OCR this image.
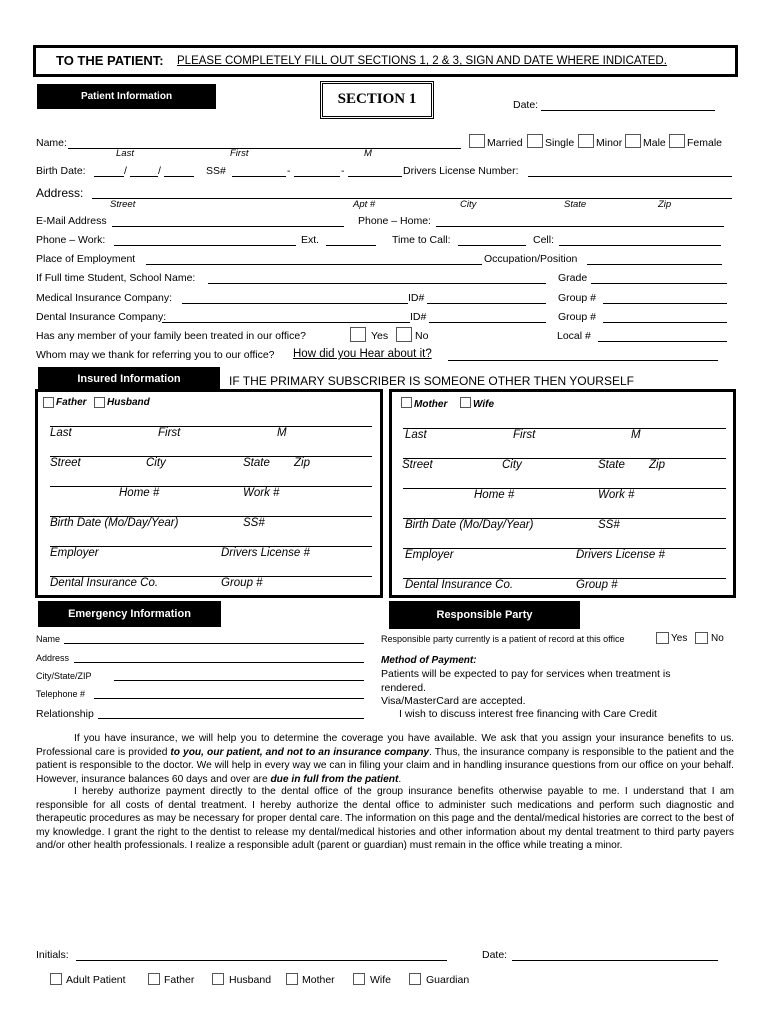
TO THE PATIENT: PLEASE COMPLETELY FILL OUT SECTIONS 1, 2 & 3, SIGN AND DATE WHERE INDICATED.
Patient Information	SECTION 1	Date:
Name:
Last	First	M
Married Single Minor Male Female
Birth Date:	/	/	SS#	-	-	Drivers License Number:
Address:
Street	Apt #	City	State	Zip
E-Mail Address	Phone – Home:
Phone – Work:	Ext.	Time to Call:	Cell:
Place of Employment	Occupation/Position
If Full time Student, School Name:	Grade
Medical Insurance Company:	ID#	Group #
Dental Insurance Company:	ID#	Group #
Has any member of your family been treated in our office?	Yes	No	Local #
Whom may we thank for referring you to our office? How did you Hear about it?
Insured Information	IF THE PRIMARY SUBSCRIBER IS SOMEONE OTHER THEN YOURSELF
Father Husband
Last	First	M
Street	City	State Zip
Home #	Work #
Birth Date (Mo/Day/Year)	SS#
Employer	Drivers License #
Dental Insurance Co.	Group #
Mother	Wife
Last	First	M
Street	City	State Zip
Home #	Work #
Birth Date (Mo/Day/Year)	SS#
Employer	Drivers License #
Dental Insurance Co.	Group #
Emergency Information	Responsible Party
Name
Address
City/State/ZIP
Telephone #
Relationship
Responsible party currently is a patient of record at this office	Yes No
Method of Payment:
Patients will be expected to pay for services when treatment is
rendered.
Visa/MasterCard are accepted.
I wish to discuss interest free financing with Care Credit
If you have insurance, we will help you to determine the coverage you have available. We ask that you assign your insurance benefits to us. Professional care is provided to you, our patient, and not to an insurance company. Thus, the insurance company is responsible to the patient and the patient is responsible to the doctor. We will help in every way we can in filing your claim and in handling insurance questions from our office on your behalf. However, insurance balances 60 days and over are due in full from the patient.
I hereby authorize payment directly to the dental office of the group insurance benefits otherwise payable to me. I understand that I am responsible for all costs of dental treatment. I hereby authorize the dental office to administer such medications and perform such diagnostic and therapeutic procedures as may be necessary for proper dental care. The information on this page and the dental/medical histories are correct to the best of my knowledge. I grant the right to the dentist to release my dental/medical histories and other information about my dental treatment to third party payers and/or other health professionals. I realize a responsible adult (parent or guardian) must remain in the office while treating a minor.
Initials:	Date:
Adult Patient	Father	Husband	Mother	Wife	Guardian
